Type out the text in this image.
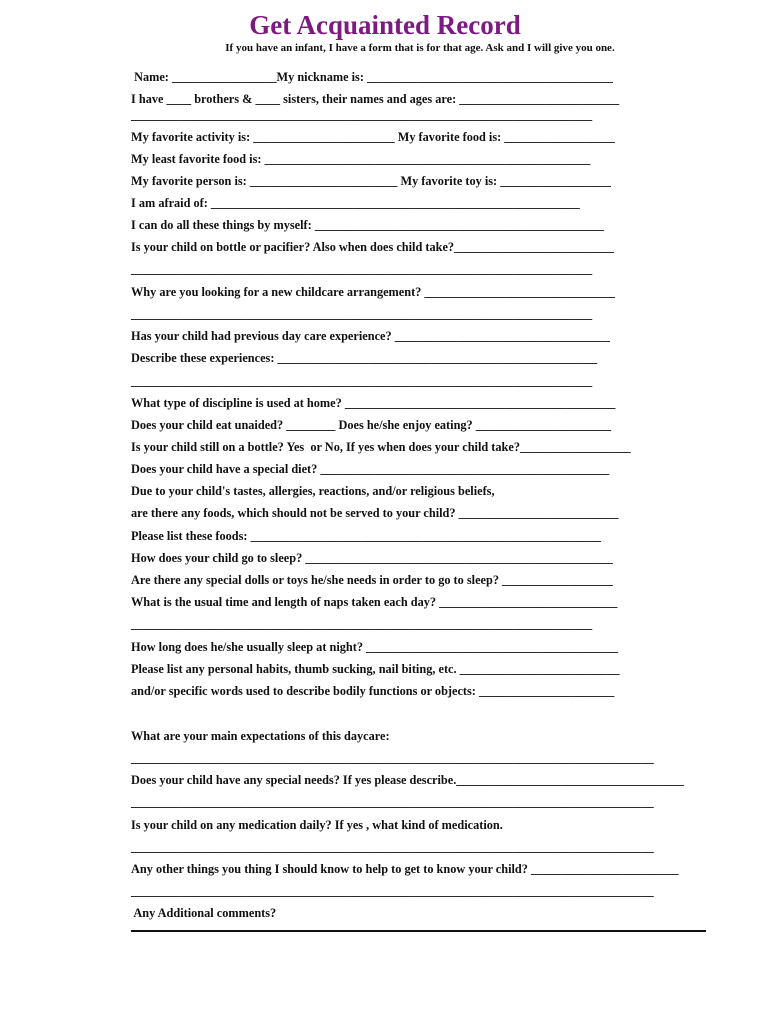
Get Acquainted Record
If you have an infant, I have a form that is for that age. Ask and I will give you one.
Name: _________________My nickname is: ________________________________________
I have ____ brothers & ____ sisters, their names and ages are: __________________________
___________________________________________________________________________
My favorite activity is: _______________________ My favorite food is: __________________
My least favorite food is: _____________________________________________________
My favorite person is: ________________________ My favorite toy is: __________________
I am afraid of: ____________________________________________________________
I can do all these things by myself: _______________________________________________
Is your child on bottle or pacifier? Also when does child take?__________________________
___________________________________________________________________________
Why are you looking for a new childcare arrangement? _______________________________
___________________________________________________________________________
Has your child had previous day care experience? ___________________________________
Describe these experiences: ____________________________________________________
___________________________________________________________________________
What type of discipline is used at home? ____________________________________________
Does your child eat unaided? ________ Does he/she enjoy eating? ______________________
Is your child still on a bottle? Yes  or No, If yes when does your child take?__________________
Does your child have a special diet? _______________________________________________
Due to your child's tastes, allergies, reactions, and/or religious beliefs,
are there any foods, which should not be served to your child? __________________________
Please list these foods: _________________________________________________________
How does your child go to sleep? __________________________________________________
Are there any special dolls or toys he/she needs in order to go to sleep? __________________
What is the usual time and length of naps taken each day? _____________________________
___________________________________________________________________________
How long does he/she usually sleep at night? _________________________________________
Please list any personal habits, thumb sucking, nail biting, etc. __________________________
and/or specific words used to describe bodily functions or objects: ______________________
What are your main expectations of this daycare:
_____________________________________________________________________________________
Does your child have any special needs? If yes please describe._____________________________________
_____________________________________________________________________________________
Is your child on any medication daily? If yes , what kind of medication.
_____________________________________________________________________________________
Any other things you thing I should know to help to get to know your child? ________________________
_____________________________________________________________________________________
Any Additional comments?
